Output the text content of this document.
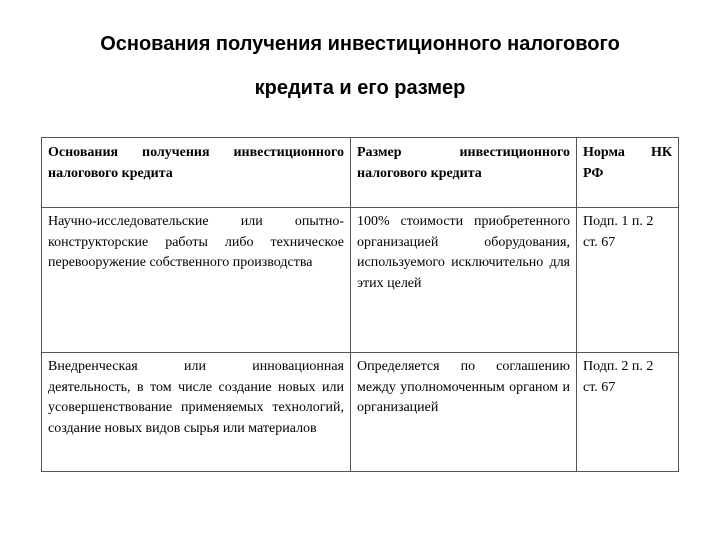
Основания получения инвестиционного налогового
кредита и его размер
Основания получения инвестиционного налогового кредита	Размер инвестиционного налогового кредита	Норма НК РФ
Научно-исследовательские или опытно-конструкторские работы либо техническое перевооружение собственного производства	100% стоимости приобретенного организацией оборудования, используемого исключительно для этих целей	Подп. 1 п. 2
ст. 67

Внедренческая или инновационная деятельность, в том числе создание новых или усовершенствование применяемых технологий, создание новых видов сырья или материалов	Определяется по соглашению между уполномоченным органом и организацией	Подп. 2 п. 2
ст. 67
